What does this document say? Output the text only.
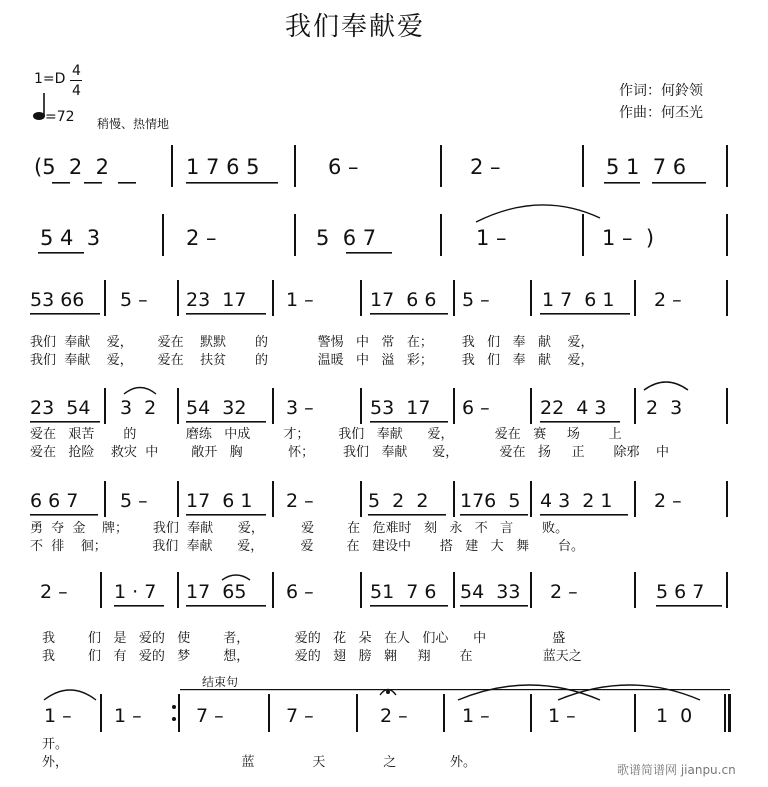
我们奉献爱
1=D 4
4
=72 稍慢、热情地
作词：何鈴领
作曲：何丕光
(5  2  2	1 7 6 5	6 –	2 –	5 1  7 6
5 4  3	2 –	5  6 7	1 –	1 –  )
53 66 5 – 23  17 1 –	17  6 6 5 –	1 7  6 1 2 –
我们  奉献    爱，      爱在    默默       的            警惕   中   常   在；       我   们   奉   献    爱，
我们  奉献    爱，      爱在    扶贫       的            温暖   中   溢   彩；       我   们   奉   献    爱，
23  54 3  2 54  32 3 –	53  17 6 –	22  4 3 2  3
爱在   艰苦       的            磨练   中成        才；       我们   奉献      爱，          爱在   赛     场       上
爱在   抢险    救灾  中        敞开   胸           怀；       我们   奉献      爱，          爱在   扬     正       除邪    中
6 6 7 5 – 17  6 1 2 –	5  2  2 176  5 4 3  2 1 2 –
勇  夺  金    牌；      我们  奉献      爱，         爱        在   危难时   刻   永   不   言       败。
不  徘    徊；           我们  奉献      爱，         爱        在   建设中       搭   建   大   舞       台。
2 – 1 · 7 17  65 6 –	51  7 6 54  33 2 –	5 6 7
我        们   是   爱的   使        者，           爱的   花   朵   在人   们心      中                盛
我        们   有   爱的   梦        想，           爱的   翅   膀   翱     翔       在                 蓝天之
结束句
1 – 1 –	7 –	7 –	2 –	1 –	1 –	1  0
开。
外，                                          蓝              天              之             外。	歌谱简谱网 jianpu.cn
